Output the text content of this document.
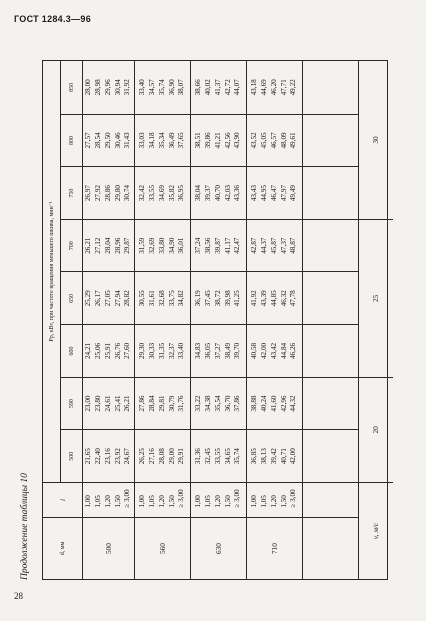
ГОСТ 1284.3—96
Продолжение таблицы 10	d, мм
i
Pp, кВт, при частоте вращения меньшего шкива, мин⁻¹
500
590
600
650
700
750
800
850
500
1,00 1,05 1,20 1,50 ≥ 3,00
21,65 22,40 23,16 23,92 24,67
23,00 23,80 24,61 25,41 26,21
24,21 25,06 25,91 26,76 27,60
25,29 26,17 27,05 27,94 28,82
26,21 27,12 28,04 28,96 29,87
26,97 27,92 28,86 29,80 30,74
27,57 28,54 29,50 30,46 31,43
28,00 28,98 29,96 30,94 31,92
560
1,00 1,05 1,20 1,50 ≥ 3,00
26,25 27,16 28,08 29,00 29,91
27,86 28,84 29,81 30,79 31,76
29,30 30,33 31,35 32,37 33,40
30,55 31,61 32,68 33,75 34,82
31,59 32,69 33,80 34,90 36,01
32,42 33,55 34,69 35,82 36,95
33,03 34,18 35,34 36,49 37,65
33,40 34,57 35,74 36,90 38,07
630
1,00 1,05 1,20 1,50 ≥ 3,00
31,36 32,45 33,55 34,65 35,74
33,22 34,38 35,54 36,70 37,86
34,83 36,05 37,27 38,49 39,70
36,19 37,45 38,72 39,98 41,25
37,24 38,56 39,87 41,17 42,47
38,04 39,37 40,70 42,03 43,36
38,51 39,86 41,21 42,56 43,90
38,66 40,02 41,37 42,72 44,07
710
1,00 1,05 1,20 1,50 ≥ 3,00
36,85 38,13 39,42 40,71 42,00
38,88 40,24 41,60 42,96 44,32
40,58 42,00 43,42 44,84 46,26
41,92 43,39 44,85 46,32 47,78
42,87 44,37 45,87 47,37 48,87
43,43 44,95 46,47 47,97 49,49
43,52 45,05 46,57 48,09 49,61
43,18 44,69 46,20 47,71 49,22
v, м/с
20
25
30
28
